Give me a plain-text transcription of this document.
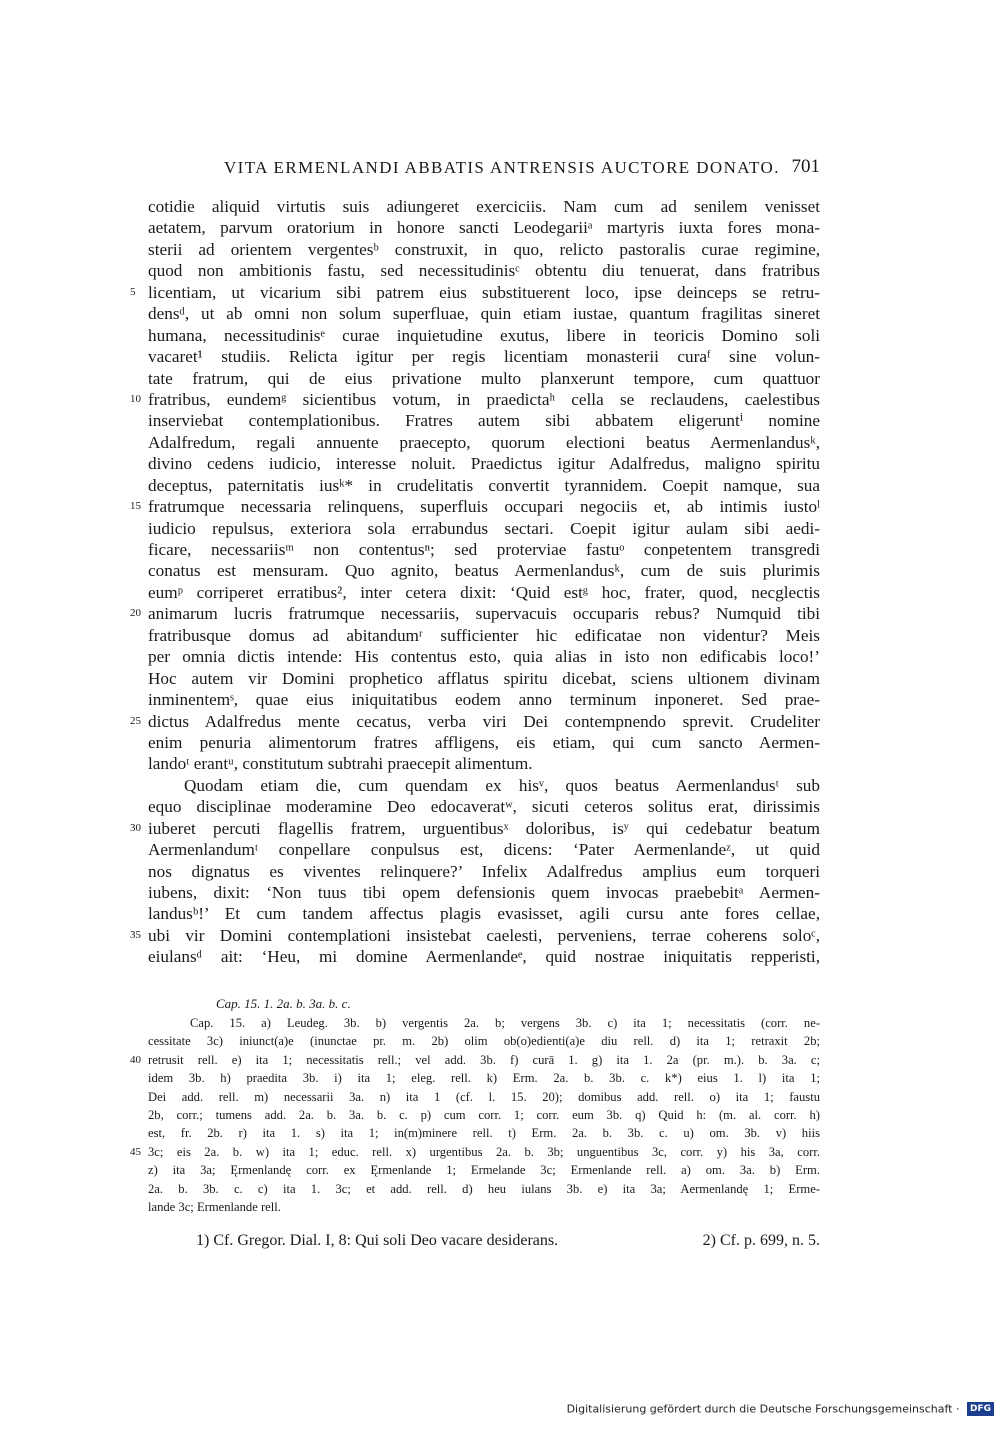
VITA ERMENLANDI ABBATIS ANTRENSIS AUCTORE DONATO. 701
cotidie aliquid virtutis suis adiungeret exerciciis. Nam cum ad senilem venisset
aetatem, parvum oratorium in honore sancti Leodegariiᵃ martyris iuxta fores mona-
sterii ad orientem vergentesᵇ construxit, in quo, relicto pastoralis curae regimine,
quod non ambitionis fastu, sed necessitudinisᶜ obtentu diu tenuerat, dans fratribus
5 licentiam, ut vicarium sibi patrem eius substituerent loco, ipse deinceps se retru-
densᵈ, ut ab omni non solum superfluae, quin etiam iustae, quantum fragilitas sineret
humana, necessitudinisᵉ curae inquietudine exutus, libere in teoricis Domino soli
vacaret¹ studiis. Relicta igitur per regis licentiam monasterii curaᶠ sine volun-
tate fratrum, qui de eius privatione multo planxerunt tempore, cum quattuor
10 fratribus, eundemᵍ sicientibus votum, in praedictaʰ cella se reclaudens, caelestibus
inserviebat contemplationibus. Fratres autem sibi abbatem eligeruntⁱ nomine
Adalfredum, regali annuente praecepto, quorum electioni beatus Aermenlandusᵏ,
divino cedens iudicio, interesse noluit. Praedictus igitur Adalfredus, maligno spiritu
deceptus, paternitatis iusᵏ* in crudelitatis convertit tyrannidem. Coepit namque, sua
15 fratrumque necessaria relinquens, superfluis occupari negociis et, ab intimis iustoˡ
iudicio repulsus, exteriora sola errabundus sectari. Coepit igitur aulam sibi aedi-
ficare, necessariisᵐ non contentusⁿ; sed proterviae fastuᵒ conpetentem transgredi
conatus est mensuram. Quo agnito, beatus Aermenlandusᵏ, cum de suis plurimis
eumᵖ corriperet erratibus², inter cetera dixit: ‘Quid estᵍ hoc, frater, quod, necglectis
20 animarum lucris fratrumque necessariis, supervacuis occuparis rebus? Numquid tibi
fratribusque domus ad abitandumʳ sufficienter hic edificatae non videntur? Meis
per omnia dictis intende: His contentus esto, quia alias in isto non edificabis loco!’
Hoc autem vir Domini prophetico afflatus spiritu dicebat, sciens ultionem divinam
inminentemˢ, quae eius iniquitatibus eodem anno terminum inponeret. Sed prae-
25 dictus Adalfredus mente cecatus, verba viri Dei contempnendo sprevit. Crudeliter
enim penuria alimentorum fratres affligens, eis etiam, qui cum sancto Aermen-
landoᵗ erantᵘ, constitutum subtrahi praecepit alimentum.
Quodam etiam die, cum quendam ex hisᵛ, quos beatus Aermenlandusᵗ sub
equo disciplinae moderamine Deo edocaveratʷ, sicuti ceteros solitus erat, dirissimis
30 iuberet percuti flagellis fratrem, urguentibusˣ doloribus, isʸ qui cedebatur beatum
Aermenlandumᵗ conpellare conpulsus est, dicens: ‘Pater Aermenlandeᶻ, ut quid
nos dignatus es viventes relinquere?’ Infelix Adalfredus amplius eum torqueri
iubens, dixit: ‘Non tuus tibi opem defensionis quem invocas praebebitᵃ Aermen-
landusᵇ!’ Et cum tandem affectus plagis evasisset, agili cursu ante fores cellae,
35 ubi vir Domini contemplationi insistebat caelesti, perveniens, terrae coherens soloᶜ,
eiulansᵈ ait: ‘Heu, mi domine Aermenlandeᵉ, quid nostrae iniquitatis repperisti,
Cap. 15. 1. 2a. b. 3a. b. c.
Cap. 15. a) Leudeg. 3b. b) vergentis 2a. b; vergens 3b. c) ita 1; necessitatis (corr. ne-
cessitate 3c) iniunct(a)e (inunctae pr. m. 2b) olim ob(o)edienti(a)e diu rell. d) ita 1; retraxit 2b;
40 retrusit rell. e) ita 1; necessitatis rell.; vel add. 3b. f) curā 1. g) ita 1. 2a (pr. m.). b. 3a. c;
idem 3b. h) praedita 3b. i) ita 1; eleg. rell. k) Erm. 2a. b. 3b. c. k*) eius 1. l) ita 1;
Dei add. rell. m) necessarii 3a. n) ita 1 (cf. l. 15. 20); domibus add. rell. o) ita 1; faustu
2b, corr.; tumens add. 2a. b. 3a. b. c. p) cum corr. 1; corr. eum 3b. q) Quid h: (m. al. corr. h)
est, fr. 2b. r) ita 1. s) ita 1; in(m)minere rell. t) Erm. 2a. b. 3b. c. u) om. 3b. v) hiis
45 3c; eis 2a. b. w) ita 1; educ. rell. x) urgentibus 2a. b. 3b; unguentibus 3c, corr. y) his 3a, corr.
z) ita 3a; Ęrmenlandę corr. ex Ęrmenlande 1; Ermelande 3c; Ermenlande rell. a) om. 3a. b) Erm.
2a. b. 3b. c. c) ita 1. 3c; et add. rell. d) heu iulans 3b. e) ita 3a; Aermenlandę 1; Erme-
lande 3c; Ermenlande rell.
1) Cf. Gregor. Dial. I, 8: Qui soli Deo vacare desiderans.	2) Cf. p. 699, n. 5.
Digitalisierung gefördert durch die Deutsche Forschungsgemeinschaft · DFG
